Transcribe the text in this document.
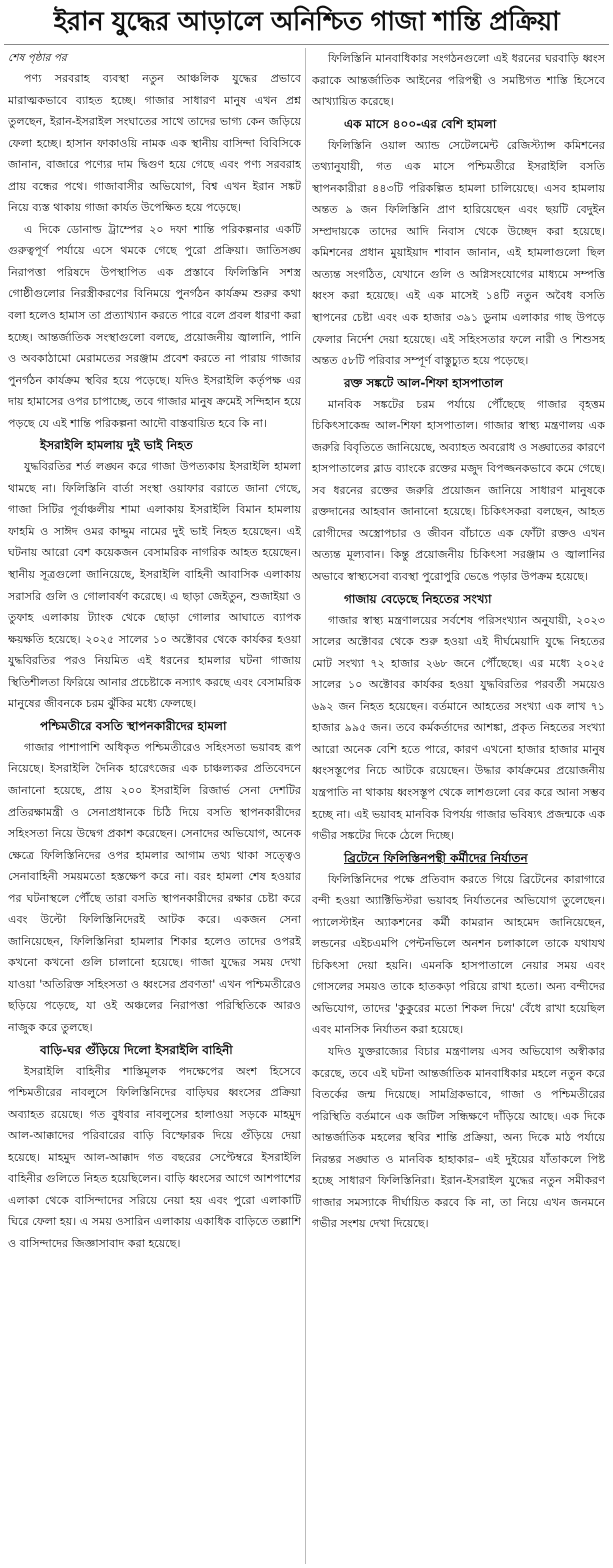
ইরান যুদ্ধের আড়ালে অনিশ্চিত গাজা শান্তি প্রক্রিয়া

শেষ পৃষ্ঠার পর

পণ্য সরবরাহ ব্যবস্থা নতুন আঞ্চলিক যুদ্ধের প্রভাবে মারাত্মকভাবে ব্যাহত হচ্ছে। গাজার সাধারণ মানুষ এখন প্রশ্ন তুলছেন, ইরান-ইসরাইল সংঘাতের সাথে তাদের ভাগ্য কেন জড়িয়ে ফেলা হচ্ছে। হাসান ফাকাওয়ি নামক এক স্থানীয় বাসিন্দা বিবিসিকে জানান, বাজারে পণ্যের দাম দ্বিগুণ হয়ে গেছে এবং পণ্য সরবরাহ প্রায় বন্ধের পথে। গাজাবাসীর অভিযোগ, বিশ্ব এখন ইরান সঙ্কট নিয়ে ব্যস্ত থাকায় গাজা কার্যত উপেক্ষিত হয়ে পড়েছে।

এ দিকে ডোনাল্ড ট্রাম্পের ২০ দফা শান্তি পরিকল্পনার একটি গুরুত্বপূর্ণ পর্যায়ে এসে থমকে গেছে পুরো প্রক্রিয়া। জাতিসঙ্ঘ নিরাপত্তা পরিষদে উপস্থাপিত এক প্রস্তাবে ফিলিস্তিনি সশস্ত্র গোষ্ঠীগুলোর নিরস্ত্রীকরণের বিনিময়ে পুনর্গঠন কার্যক্রম শুরুর কথা বলা হলেও হামাস তা প্রত্যাখ্যান করতে পারে বলে প্রবল ধারণা করা হচ্ছে। আন্তর্জাতিক সংস্থাগুলো বলছে, প্রয়োজনীয় জ্বালানি, পানি ও অবকাঠামো মেরামতের সরঞ্জাম প্রবেশ করতে না পারায় গাজার পুনর্গঠন কার্যক্রম স্থবির হয়ে পড়েছে। যদিও ইসরাইলি কর্তৃপক্ষ এর দায় হামাসের ওপর চাপাচ্ছে, তবে গাজার মানুষ ক্রমেই সন্দিহান হয়ে পড়ছে যে এই শান্তি পরিকল্পনা আদৌ বাস্তবায়িত হবে কি না।

ইসরাইলি হামলায় দুই ভাই নিহত

যুদ্ধবিরতির শর্ত লঙ্ঘন করে গাজা উপত্যকায় ইসরাইলি হামলা থামছে না। ফিলিস্তিনি বার্তা সংস্থা ওয়াফার বরাতে জানা গেছে, গাজা সিটির পূর্বাঞ্চলীয় শামা এলাকায় ইসরাইলি বিমান হামলায় ফাহমি ও সাঈদ ওমর কাদ্দুম নামের দুই ভাই নিহত হয়েছেন। এই ঘটনায় আরো বেশ কয়েকজন বেসামরিক নাগরিক আহত হয়েছেন। স্থানীয় সূত্রগুলো জানিয়েছে, ইসরাইলি বাহিনী আবাসিক এলাকায় সরাসরি গুলি ও গোলাবর্ষণ করেছে। এ ছাড়া জেইতুন, শুজাইয়া ও তুফাহ এলাকায় ট্যাংক থেকে ছোড়া গোলার আঘাতে ব্যাপক ক্ষয়ক্ষতি হয়েছে। ২০২৫ সালের ১০ অক্টোবর থেকে কার্যকর হওয়া যুদ্ধবিরতির পরও নিয়মিত এই ধরনের হামলার ঘটনা গাজায় স্থিতিশীলতা ফিরিয়ে আনার প্রচেষ্টাকে নস্যাৎ করছে এবং বেসামরিক মানুষের জীবনকে চরম ঝুঁকির মধ্যে ফেলছে।

পশ্চিমতীরে বসতি স্থাপনকারীদের হামলা

গাজার পাশাপাশি অধিকৃত পশ্চিমতীরেও সহিংসতা ভয়াবহ রূপ নিয়েছে। ইসরাইলি দৈনিক হারেৎজের এক চাঞ্চল্যকর প্রতিবেদনে জানানো হয়েছে, প্রায় ২০০ ইসরাইলি রিজার্ভ সেনা দেশটির প্রতিরক্ষামন্ত্রী ও সেনাপ্রধানকে চিঠি দিয়ে বসতি স্থাপনকারীদের সহিংসতা নিয়ে উদ্বেগ প্রকাশ করেছেন। সেনাদের অভিযোগ, অনেক ক্ষেত্রে ফিলিস্তিনিদের ওপর হামলার আগাম তথ্য থাকা সত্ত্বেও সেনাবাহিনী সময়মতো হস্তক্ষেপ করে না। বরং হামলা শেষ হওয়ার পর ঘটনাস্থলে পৌঁছে তারা বসতি স্থাপনকারীদের রক্ষার চেষ্টা করে এবং উল্টো ফিলিস্তিনিদেরই আটক করে। একজন সেনা জানিয়েছেন, ফিলিস্তিনিরা হামলার শিকার হলেও তাদের ওপরই কখনো কখনো গুলি চালানো হয়েছে। গাজা যুদ্ধের সময় দেখা যাওয়া 'অতিরিক্ত সহিংসতা ও ধ্বংসের প্রবণতা' এখন পশ্চিমতীরেও ছড়িয়ে পড়েছে, যা ওই অঞ্চলের নিরাপত্তা পরিস্থিতিকে আরও নাজুক করে তুলছে।

বাড়ি-ঘর গুঁড়িয়ে দিলো ইসরাইলি বাহিনী

ইসরাইলি বাহিনীর শাস্তিমূলক পদক্ষেপের অংশ হিসেবে পশ্চিমতীরের নাবলুসে ফিলিস্তিনিদের বাড়িঘর ধ্বংসের প্রক্রিয়া অব্যাহত রয়েছে। গত বুধবার নাবলুসের হালাওয়া সড়কে মাহমুদ আল-আক্কাদের পরিবারের বাড়ি বিস্ফোরক দিয়ে গুঁড়িয়ে দেয়া হয়েছে। মাহমুদ আল-আক্কাদ গত বছরের সেপ্টেম্বরে ইসরাইলি বাহিনীর গুলিতে নিহত হয়েছিলেন। বাড়ি ধ্বংসের আগে আশপাশের এলাকা থেকে বাসিন্দাদের সরিয়ে নেয়া হয় এবং পুরো এলাকাটি ঘিরে ফেলা হয়। এ সময় ওসারিন এলাকায় একাধিক বাড়িতে তল্লাশি ও বাসিন্দাদের জিজ্ঞাসাবাদ করা হয়েছে।

ফিলিস্তিনি মানবাধিকার সংগঠনগুলো এই ধরনের ঘরবাড়ি ধ্বংস করাকে আন্তর্জাতিক আইনের পরিপন্থী ও সমষ্টিগত শাস্তি হিসেবে আখ্যায়িত করেছে।

এক মাসে ৪০০-এর বেশি হামলা

ফিলিস্তিনি ওয়াল অ্যান্ড সেটেলমেন্ট রেজিস্ট্যান্স কমিশনের তথ্যানুযায়ী, গত এক মাসে পশ্চিমতীরে ইসরাইলি বসতি স্থাপনকারীরা ৪৪৩টি পরিকল্পিত হামলা চালিয়েছে। এসব হামলায় অন্তত ৯ জন ফিলিস্তিনি প্রাণ হারিয়েছেন এবং ছয়টি বেদুইন সম্প্রদায়কে তাদের আদি নিবাস থেকে উচ্ছেদ করা হয়েছে। কমিশনের প্রধান মুয়াইয়াদ শাবান জানান, এই হামলাগুলো ছিল অত্যন্ত সংগঠিত, যেখানে গুলি ও অগ্নিসংযোগের মাধ্যমে সম্পত্তি ধ্বংস করা হয়েছে। এই এক মাসেই ১৪টি নতুন অবৈধ বসতি স্থাপনের চেষ্টা এবং এক হাজার ৩৯১ ডুনাম এলাকার গাছ উপড়ে ফেলার নির্দেশ দেয়া হয়েছে। এই সহিংসতার ফলে নারী ও শিশুসহ অন্তত ৫৮টি পরিবার সম্পূর্ণ বাস্তুচ্যুত হয়ে পড়েছে।

রক্ত সঙ্কটে আল-শিফা হাসপাতাল

মানবিক সঙ্কটের চরম পর্যায়ে পৌঁছেছে গাজার বৃহত্তম চিকিৎসাকেন্দ্র আল-শিফা হাসপাতাল। গাজার স্বাস্থ্য মন্ত্রণালয় এক জরুরি বিবৃতিতে জানিয়েছে, অব্যাহত অবরোধ ও সঙ্ঘাতের কারণে হাসপাতালের ব্লাড ব্যাংকে রক্তের মজুদ বিপজ্জনকভাবে কমে গেছে। সব ধরনের রক্তের জরুরি প্রয়োজন জানিয়ে সাধারণ মানুষকে রক্তদানের আহবান জানানো হয়েছে। চিকিৎসকরা বলছেন, আহত রোগীদের অস্ত্রোপচার ও জীবন বাঁচাতে এক ফোঁটা রক্তও এখন অত্যন্ত মূল্যবান। কিন্তু প্রয়োজনীয় চিকিৎসা সরঞ্জাম ও জ্বালানির অভাবে স্বাস্থ্যসেবা ব্যবস্থা পুরোপুরি ভেঙে পড়ার উপক্রম হয়েছে।

গাজায় বেড়েছে নিহতের সংখ্যা

গাজার স্বাস্থ্য মন্ত্রণালয়ের সর্বশেষ পরিসংখ্যান অনুযায়ী, ২০২৩ সালের অক্টোবর থেকে শুরু হওয়া এই দীর্ঘমেয়াদি যুদ্ধে নিহতের মোট সংখ্যা ৭২ হাজার ২৬৮ জনে পৌঁছেছে। এর মধ্যে ২০২৫ সালের ১০ অক্টোবর কার্যকর হওয়া যুদ্ধবিরতির পরবর্তী সময়েও ৬৯২ জন নিহত হয়েছেন। বর্তমানে আহতের সংখ্যা এক লাখ ৭১ হাজার ৯৯৫ জন। তবে কর্মকর্তাদের আশঙ্কা, প্রকৃত নিহতের সংখ্যা আরো অনেক বেশি হতে পারে, কারণ এখনো হাজার হাজার মানুষ ধ্বংসস্তূপের নিচে আটকে রয়েছেন। উদ্ধার কার্যক্রমের প্রয়োজনীয় যন্ত্রপাতি না থাকায় ধ্বংসস্তূপ থেকে লাশগুলো বের করে আনা সম্ভব হচ্ছে না। এই ভয়াবহ মানবিক বিপর্যয় গাজার ভবিষ্যৎ প্রজন্মকে এক গভীর সঙ্কটের দিকে ঠেলে দিচ্ছে।

ব্রিটেনে ফিলিস্তিনপন্থী কর্মীদের নির্যাতন

ফিলিস্তিনিদের পক্ষে প্রতিবাদ করতে গিয়ে ব্রিটেনের কারাগারে বন্দী হওয়া অ্যাক্টিভিস্টরা ভয়াবহ নির্যাতনের অভিযোগ তুলেছেন। প্যালেস্টাইন অ্যাকশনের কর্মী কামরান আহমেদ জানিয়েছেন, লন্ডনের এইচএমপি পেন্টনভিলে অনশন চলাকালে তাকে যথাযথ চিকিৎসা দেয়া হয়নি। এমনকি হাসপাতালে নেয়ার সময় এবং গোসলের সময়ও তাকে হাতকড়া পরিয়ে রাখা হতো। অন্য বন্দীদের অভিযোগ, তাদের 'কুকুরের মতো শিকল দিয়ে' বেঁধে রাখা হয়েছিল এবং মানসিক নির্যাতন করা হয়েছে।

যদিও যুক্তরাজ্যের বিচার মন্ত্রণালয় এসব অভিযোগ অস্বীকার করেছে, তবে এই ঘটনা আন্তর্জাতিক মানবাধিকার মহলে নতুন করে বিতর্কের জন্ম দিয়েছে। সামগ্রিকভাবে, গাজা ও পশ্চিমতীরের পরিস্থিতি বর্তমানে এক জটিল সন্ধিক্ষণে দাঁড়িয়ে আছে। এক দিকে আন্তর্জাতিক মহলের স্থবির শান্তি প্রক্রিয়া, অন্য দিকে মাঠ পর্যায়ে নিরন্তর সঙ্ঘাত ও মানবিক হাহাকার– এই দুইয়ের যাঁতাকলে পিষ্ট হচ্ছে সাধারণ ফিলিস্তিনিরা। ইরান-ইসরাইল যুদ্ধের নতুন সমীকরণ গাজার সমস্যাকে দীর্ঘায়িত করবে কি না, তা নিয়ে এখন জনমনে গভীর সংশয় দেখা দিয়েছে।
